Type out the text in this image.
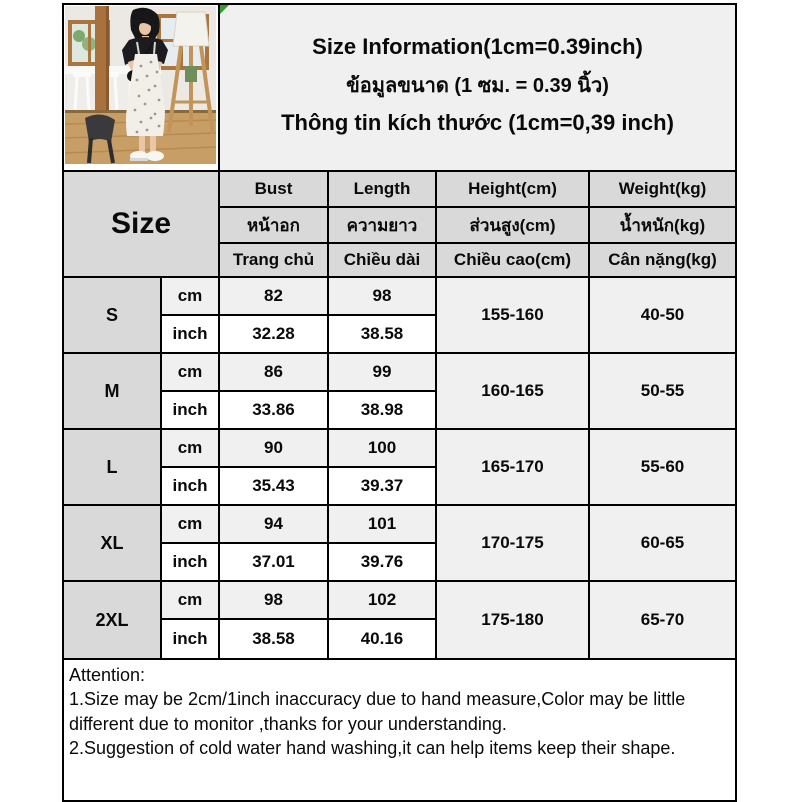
Size Information(1cm=0.39inch)
ข้อมูลขนาด (1 ซม. = 0.39 นิ้ว)
Thông tin kích thước (1cm=0,39 inch)			

Size		Bust	Length	Height(cm)	Weight(kg)
		หน้าอก	ความยาว	ส่วนสูง(cm)	น้ำหนัก(kg)
		Trang chủ	Chiều dài	Chiều cao(cm)	Cân nặng(kg)
S	cm	82	98	155-160	40-50
	inch	32.28	38.58		
M	cm	86	99	160-165	50-55
	inch	33.86	38.98		
L	cm	90	100	165-170	55-60
	inch	35.43	39.37		
XL	cm	94	101	170-175	60-65
	inch	37.01	39.76		
2XL	cm	98	102	175-180	65-70
	inch	38.58	40.16		

Attention:
1.Size may be 2cm/1inch inaccuracy due to hand measure,Color may be little different due to monitor ,thanks for your understanding.
2.Suggestion of cold water hand washing,it can help items keep their shape.					
